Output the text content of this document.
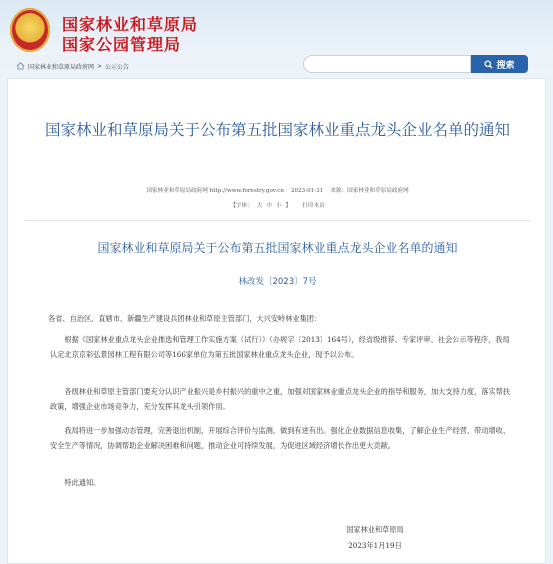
★
国家林业和草原局
国家公园管理局
国家林业和草原局政府网 > 公示公告	搜索
国家林业和草原局关于公布第五批国家林业重点龙头企业名单的通知
国家林业和草原局政府网 http://www.forestry.gov.cn 2023-01-31 来源：国家林业和草原局政府网
【字体： 大 中 小 】 打印本页
国家林业和草原局关于公布第五批国家林业重点龙头企业名单的通知
林改发〔2023〕7号
各省、自治区、直辖市、新疆生产建设兵团林业和草原主管部门，大兴安岭林业集团：
根据《国家林业重点龙头企业推选和管理工作实施方案（试行）》（办规字〔2013〕164号），经省级推荐、专家评审、社会公示等程序，我局认定北京京彩弘景园林工程有限公司等166家单位为第五批国家林业重点龙头企业，现予以公布。
各级林业和草原主管部门要充分认识产业振兴是乡村振兴的重中之重，加强对国家林业重点龙头企业的指导和服务，加大支持力度，落实帮扶政策，增强企业市场竞争力，充分发挥其龙头引领作用。
我局将进一步加强动态管理，完善退出机制，开展综合评价与监测，做到有进有出。强化企业数据信息收集，了解企业生产经营、带动增收、安全生产等情况，协调帮助企业解决困难和问题，推动企业可持续发展，为促进区域经济增长作出更大贡献。
特此通知。
国家林业和草原局
2023年1月19日
